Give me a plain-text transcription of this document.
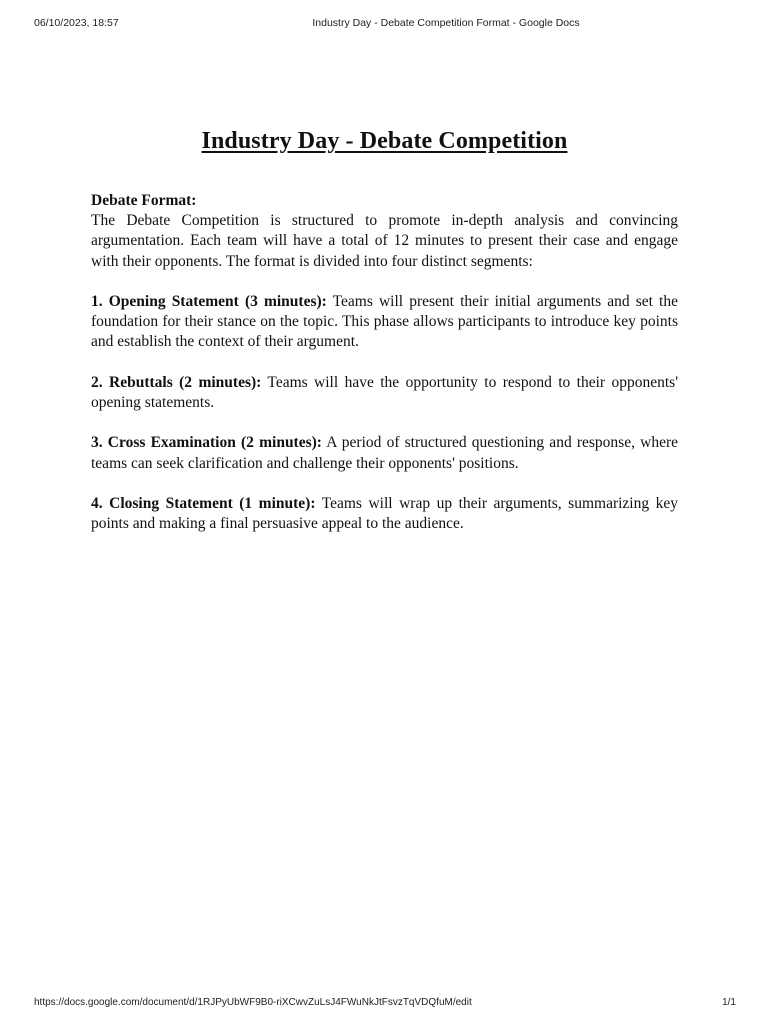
06/10/2023, 18:57	Industry Day - Debate Competition Format - Google Docs
Industry Day - Debate Competition

Debate Format:

The Debate Competition is structured to promote in-depth analysis and convincing argumentation. Each team will have a total of 12 minutes to present their case and engage with their opponents. The format is divided into four distinct segments:

1. Opening Statement (3 minutes): Teams will present their initial arguments and set the foundation for their stance on the topic. This phase allows participants to introduce key points and establish the context of their argument.

2. Rebuttals (2 minutes): Teams will have the opportunity to respond to their opponents' opening statements.

3. Cross Examination (2 minutes): A period of structured questioning and response, where teams can seek clarification and challenge their opponents' positions.

4. Closing Statement (1 minute): Teams will wrap up their arguments, summarizing key points and making a final persuasive appeal to the audience.

https://docs.google.com/document/d/1RJPyUbWF9B0-riXCwvZuLsJ4FWuNkJtFsvzTqVDQfuM/edit	1/1
